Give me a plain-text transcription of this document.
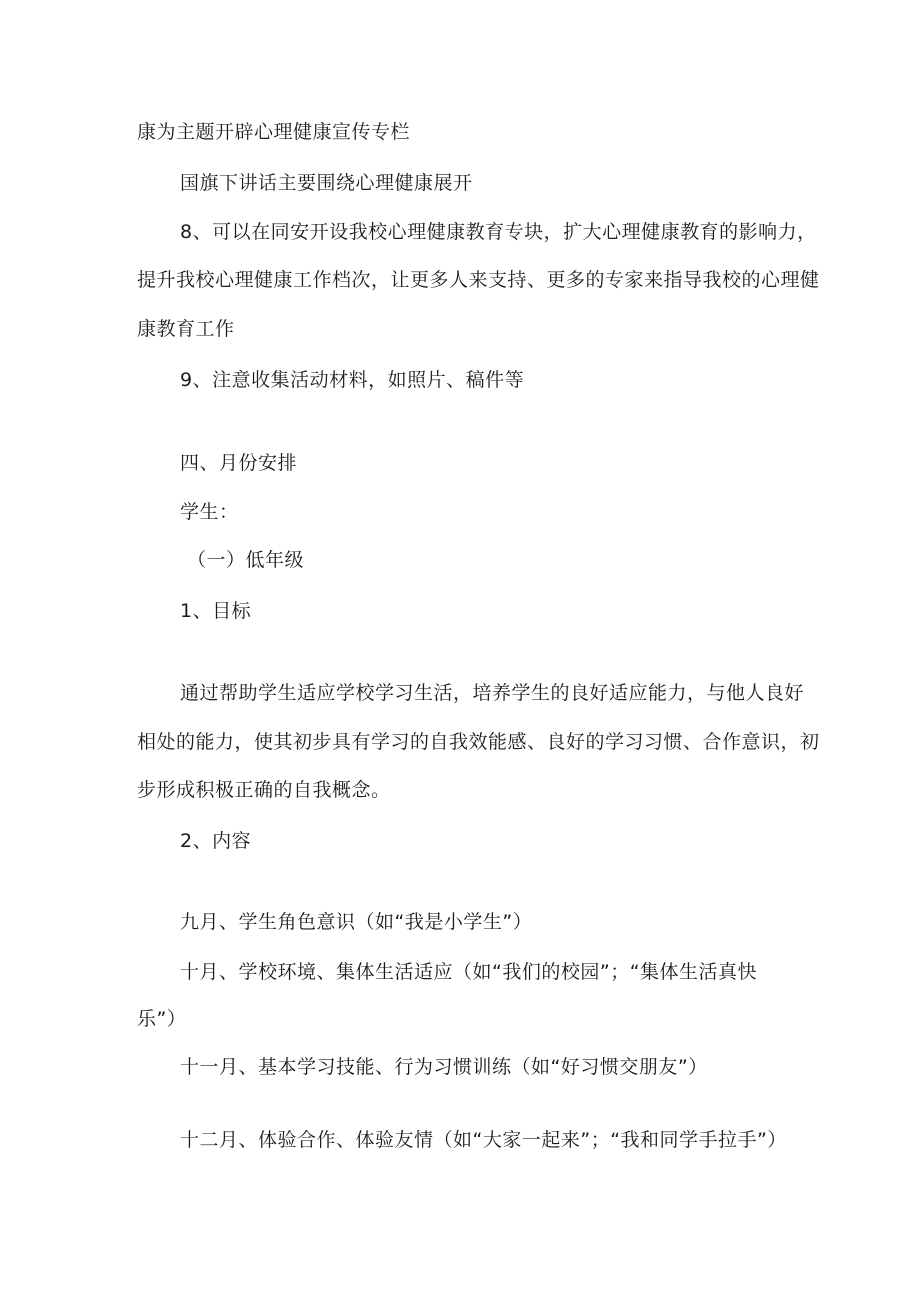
康为主题开辟心理健康宣传专栏
国旗下讲话主要围绕心理健康展开
8、可以在同安开设我校心理健康教育专块，扩大心理健康教育的影响力，
提升我校心理健康工作档次，让更多人来支持、更多的专家来指导我校的心理健
康教育工作
9、注意收集活动材料，如照片、稿件等
四、月份安排
学生：
（一）低年级
1、目标
通过帮助学生适应学校学习生活，培养学生的良好适应能力，与他人良好
相处的能力，使其初步具有学习的自我效能感、良好的学习习惯、合作意识，初
步形成积极正确的自我概念。
2、内容
九月、学生角色意识（如“我是小学生”）
十月、学校环境、集体生活适应（如“我们的校园”；“集体生活真快
乐”）
十一月、基本学习技能、行为习惯训练（如“好习惯交朋友”）
十二月、体验合作、体验友情（如“大家一起来”；“我和同学手拉手”）
